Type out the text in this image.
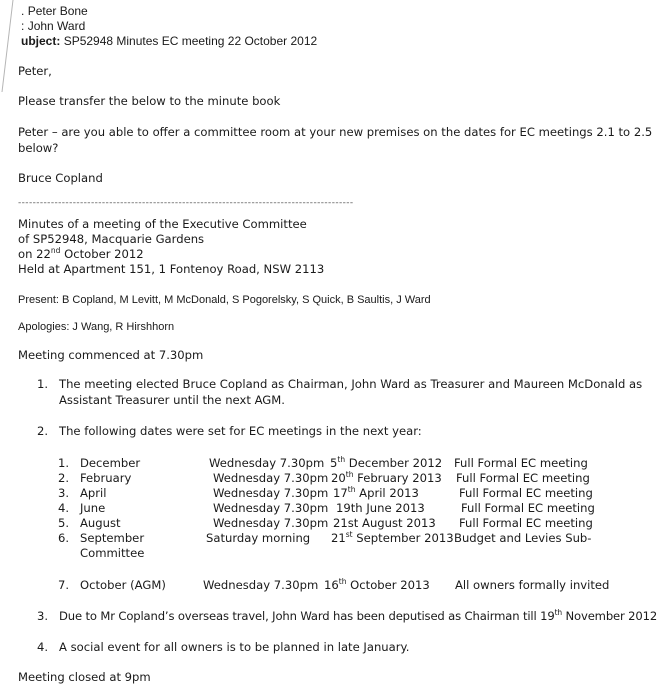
. Peter Bone
: John Ward
ubject: SP52948 Minutes EC meeting 22 October 2012
Peter,
Please transfer the below to the minute book
Peter – are you able to offer a committee room at your new premises on the dates for EC meetings 2.1 to 2.5
below?
Bruce Copland
--------------------------------------------------------------------------------------------
Minutes of a meeting of the Executive Committee
of SP52948, Macquarie Gardens
on 22nd October 2012
Held at Apartment 151, 1 Fontenoy Road, NSW 2113
Present: B Copland, M Levitt, M McDonald, S Pogorelsky, S Quick, B Saultis, J Ward
Apologies: J Wang, R Hirshhorn
Meeting commenced at 7.30pm
1. The meeting elected Bruce Copland as Chairman, John Ward as Treasurer and Maureen McDonald as
Assistant Treasurer until the next AGM.
2. The following dates were set for EC meetings in the next year:
1. December	Wednesday 7.30pm 5th December 2012 Full Formal EC meeting
2. February	Wednesday 7.30pm 20th February 2013 Full Formal EC meeting
3. April	Wednesday 7.30pm 17th April 2013	Full Formal EC meeting
4. June	Wednesday 7.30pm 19th June 2013	Full Formal EC meeting
5. August	Wednesday 7.30pm 21st August 2013 Full Formal EC meeting
6. September	Saturday morning 21st September 2013 Budget and Levies Sub-
Committee
7. October (AGM)	Wednesday 7.30pm 16th October 2013 All owners formally invited
3. Due to Mr Copland’s overseas travel, John Ward has been deputised as Chairman till 19th November 2012
4. A social event for all owners is to be planned in late January.
Meeting closed at 9pm
